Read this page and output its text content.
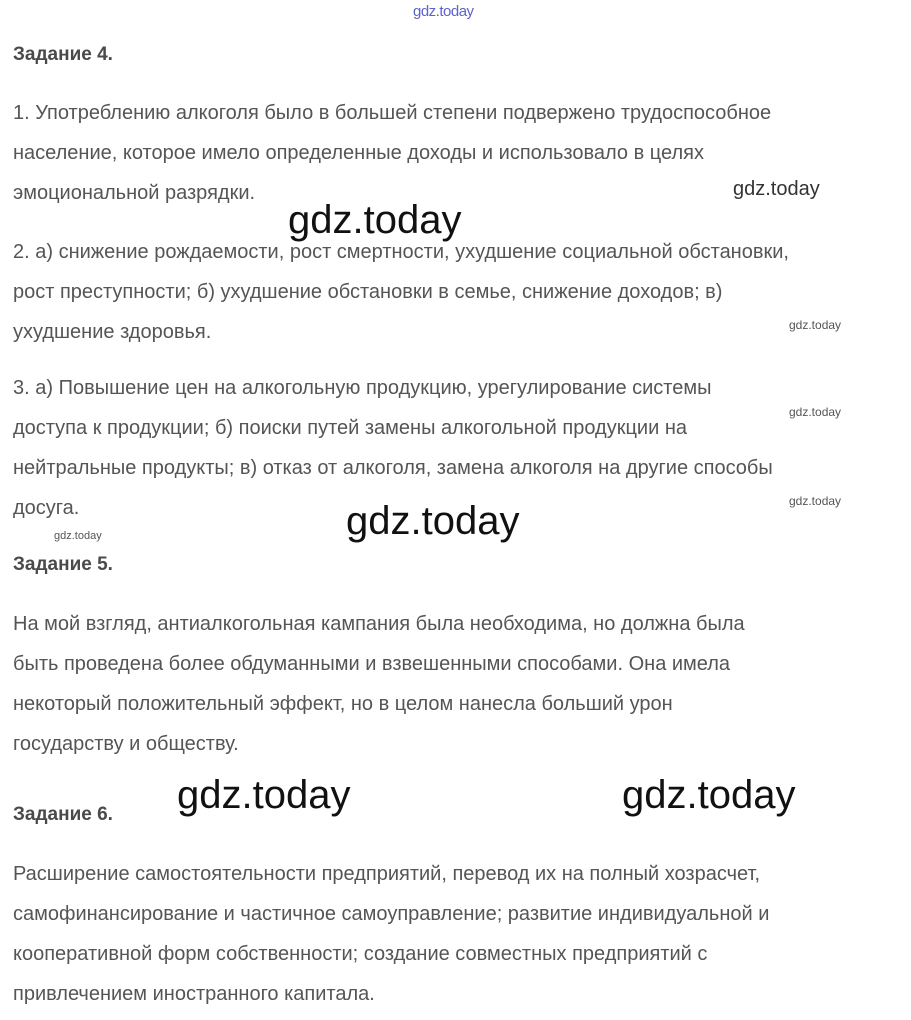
gdz.today
Задание 4.

1. Употреблению алкоголя было в большей степени подвержено трудоспособное
население, которое имело определенные доходы и использовало в целях
эмоциональной разрядки.

2. а) снижение рождаемости, рост смертности, ухудшение социальной обстановки,
рост преступности; б) ухудшение обстановки в семье, снижение доходов; в)
ухудшение здоровья.

3. а) Повышение цен на алкогольную продукцию, урегулирование системы
доступа к продукции; б) поиски путей замены алкогольной продукции на
нейтральные продукты; в) отказ от алкоголя, замена алкоголя на другие способы
досуга.

Задание 5.

На мой взгляд, антиалкогольная кампания была необходима, но должна была
быть проведена более обдуманными и взвешенными способами. Она имела
некоторый положительный эффект, но в целом нанесла больший урон
государству и обществу.

Задание 6.

Расширение самостоятельности предприятий, перевод их на полный хозрасчет,
самофинансирование и частичное самоуправление; развитие индивидуальной и
кооперативной форм собственности; создание совместных предприятий с
привлечением иностранного капитала.

gdz.today
gdz.today
gdz.today
gdz.today
gdz.today
gdz.today
gdz.today
gdz.today	gdz.today
